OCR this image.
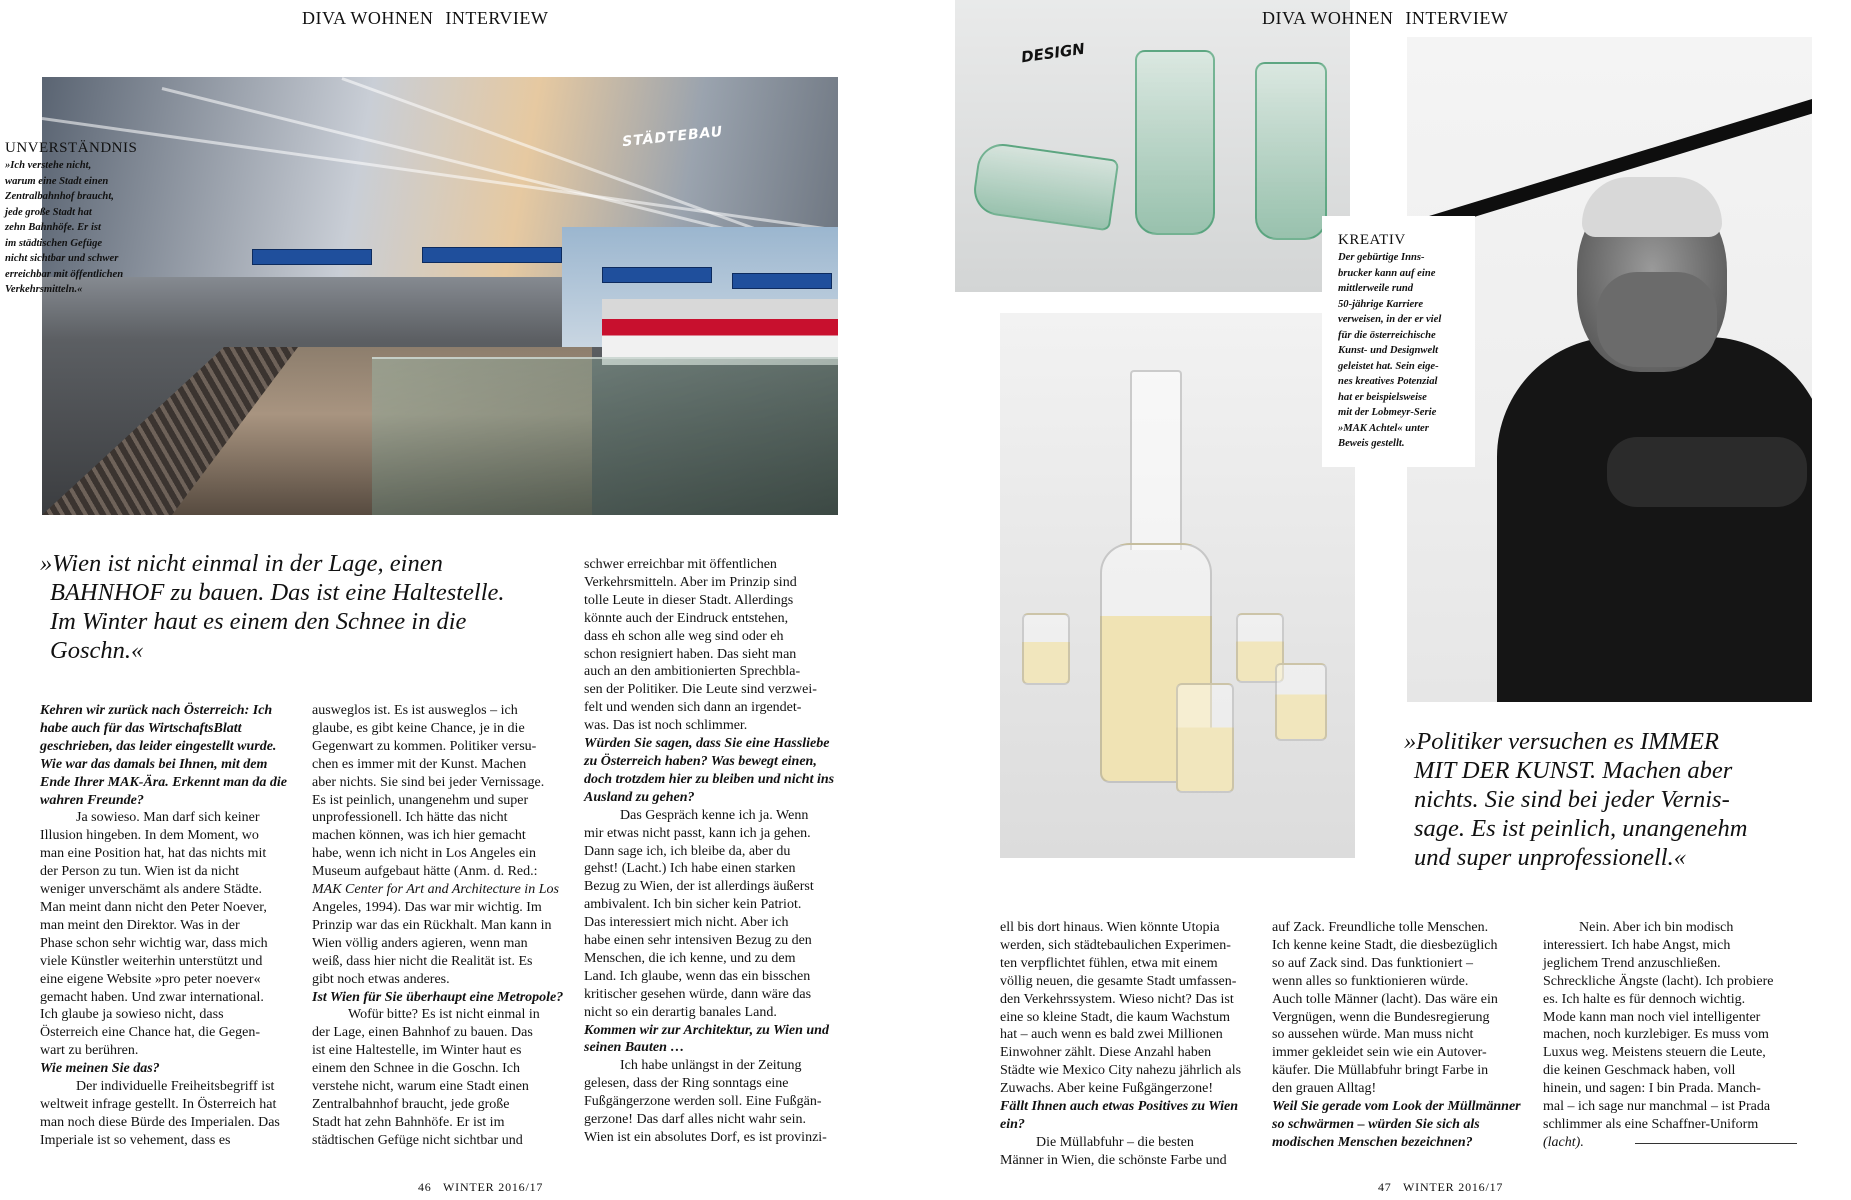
DIVA WOHNEN INTERVIEW
STÄDTEBAU
UNVERSTÄNDNIS
»Ich verstehe nicht,
warum eine Stadt einen
Zentralbahnhof braucht,
jede große Stadt hat
zehn Bahnhöfe. Er ist
im städtischen Gefüge
nicht sichtbar und schwer
erreichbar mit öffentlichen
Verkehrsmitteln.«
»Wien ist nicht einmal in der Lage, einen
BAHNHOF zu bauen. Das ist eine Haltestelle.
Im Winter haut es einem den Schnee in die
Goschn.«

Kehren wir zurück nach Österreich: Ich

habe auch für das WirtschaftsBlatt

geschrieben, das leider eingestellt wurde.

Wie war das damals bei Ihnen, mit dem

Ende Ihrer MAK-Ära. Erkennt man da die

wahren Freunde?

Ja sowieso. Man darf sich keiner

Illusion hingeben. In dem Moment, wo

man eine Position hat, hat das nichts mit

der Person zu tun. Wien ist da nicht

weniger unverschämt als andere Städte.

Man meint dann nicht den Peter Noever,

man meint den Direktor. Was in der

Phase schon sehr wichtig war, dass mich

viele Künstler weiterhin unterstützt und

eine eigene Website »pro peter noever«

gemacht haben. Und zwar international.

Ich glaube ja sowieso nicht, dass

Österreich eine Chance hat, die Gegen-

wart zu berühren.

Wie meinen Sie das?

Der individuelle Freiheitsbegriff ist

weltweit infrage gestellt. In Österreich hat

man noch diese Bürde des Imperialen. Das

Imperiale ist so vehement, dass es

ausweglos ist. Es ist ausweglos – ich

glaube, es gibt keine Chance, je in die

Gegenwart zu kommen. Politiker versu-

chen es immer mit der Kunst. Machen

aber nichts. Sie sind bei jeder Vernissage.

Es ist peinlich, unangenehm und super

unprofessionell. Ich hätte das nicht

machen können, was ich hier gemacht

habe, wenn ich nicht in Los Angeles ein

Museum aufgebaut hätte (Anm. d. Red.:

MAK Center for Art and Architecture in Los

Angeles, 1994). Das war mir wichtig. Im

Prinzip war das ein Rückhalt. Man kann in

Wien völlig anders agieren, wenn man

weiß, dass hier nicht die Realität ist. Es

gibt noch etwas anderes.

Ist Wien für Sie überhaupt eine Metropole?

Wofür bitte? Es ist nicht einmal in

der Lage, einen Bahnhof zu bauen. Das

ist eine Haltestelle, im Winter haut es

einem den Schnee in die Goschn. Ich

verstehe nicht, warum eine Stadt einen

Zentralbahnhof braucht, jede große

Stadt hat zehn Bahnhöfe. Er ist im

städtischen Gefüge nicht sichtbar und

schwer erreichbar mit öffentlichen

Verkehrsmitteln. Aber im Prinzip sind

tolle Leute in dieser Stadt. Allerdings

könnte auch der Eindruck entstehen,

dass eh schon alle weg sind oder eh

schon resigniert haben. Das sieht man

auch an den ambitionierten Sprechbla-

sen der Politiker. Die Leute sind verzwei-

felt und wenden sich dann an irgendet-

was. Das ist noch schlimmer.

Würden Sie sagen, dass Sie eine Hassliebe

zu Österreich haben? Was bewegt einen,

doch trotzdem hier zu bleiben und nicht ins

Ausland zu gehen?

Das Gespräch kenne ich ja. Wenn

mir etwas nicht passt, kann ich ja gehen.

Dann sage ich, ich bleibe da, aber du

gehst! (Lacht.) Ich habe einen starken

Bezug zu Wien, der ist allerdings äußerst

ambivalent. Ich bin sicher kein Patriot.

Das interessiert mich nicht. Aber ich

habe einen sehr intensiven Bezug zu den

Menschen, die ich kenne, und zu dem

Land. Ich glaube, wenn das ein bisschen

kritischer gesehen würde, dann wäre das

nicht so ein derartig banales Land.

Kommen wir zur Architektur, zu Wien und

seinen Bauten …

Ich habe unlängst in der Zeitung

gelesen, dass der Ring sonntags eine

Fußgängerzone werden soll. Eine Fußgän-

gerzone! Das darf alles nicht wahr sein.

Wien ist ein absolutes Dorf, es ist provinzi-

46 WINTER 2016/17
DESIGN
DIVA WOHNEN INTERVIEW
KREATIV
Der gebürtige Inns-
brucker kann auf eine
mittlerweile rund
50-jährige Karriere
verweisen, in der er viel
für die österreichische
Kunst- und Designwelt
geleistet hat. Sein eige-
nes kreatives Potenzial
hat er beispielsweise
mit der Lobmeyr-Serie
»MAK Achtel« unter
Beweis gestellt.
»Politiker versuchen es IMMER
MIT DER KUNST. Machen aber
nichts. Sie sind bei jeder Vernis-
sage. Es ist peinlich, unangenehm
und super unprofessionell.«

ell bis dort hinaus. Wien könnte Utopia

werden, sich städtebaulichen Experimen-

ten verpflichtet fühlen, etwa mit einem

völlig neuen, die gesamte Stadt umfassen-

den Verkehrssystem. Wieso nicht? Das ist

eine so kleine Stadt, die kaum Wachstum

hat – auch wenn es bald zwei Millionen

Einwohner zählt. Diese Anzahl haben

Städte wie Mexico City nahezu jährlich als

Zuwachs. Aber keine Fußgängerzone!

Fällt Ihnen auch etwas Positives zu Wien ein?

Die Müllabfuhr – die besten

Männer in Wien, die schönste Farbe und

auf Zack. Freundliche tolle Menschen.

Ich kenne keine Stadt, die diesbezüglich

so auf Zack sind. Das funktioniert –

wenn alles so funktionieren würde.

Auch tolle Männer (lacht). Das wäre ein

Vergnügen, wenn die Bundesregierung

so aussehen würde. Man muss nicht

immer gekleidet sein wie ein Autover-

käufer. Die Müllabfuhr bringt Farbe in

den grauen Alltag!

Weil Sie gerade vom Look der Müllmänner

so schwärmen – würden Sie sich als

modischen Menschen bezeichnen?

Nein. Aber ich bin modisch

interessiert. Ich habe Angst, mich

jeglichem Trend anzuschließen.

Schreckliche Ängste (lacht). Ich probiere

es. Ich halte es für dennoch wichtig.

Mode kann man noch viel intelligenter

machen, noch kurzlebiger. Es muss vom

Luxus weg. Meistens steuern die Leute,

die keinen Geschmack haben, voll

hinein, und sagen: I bin Prada. Manch-

mal – ich sage nur manchmal – ist Prada

schlimmer als eine Schaffner-Uniform

(lacht).

47 WINTER 2016/17
